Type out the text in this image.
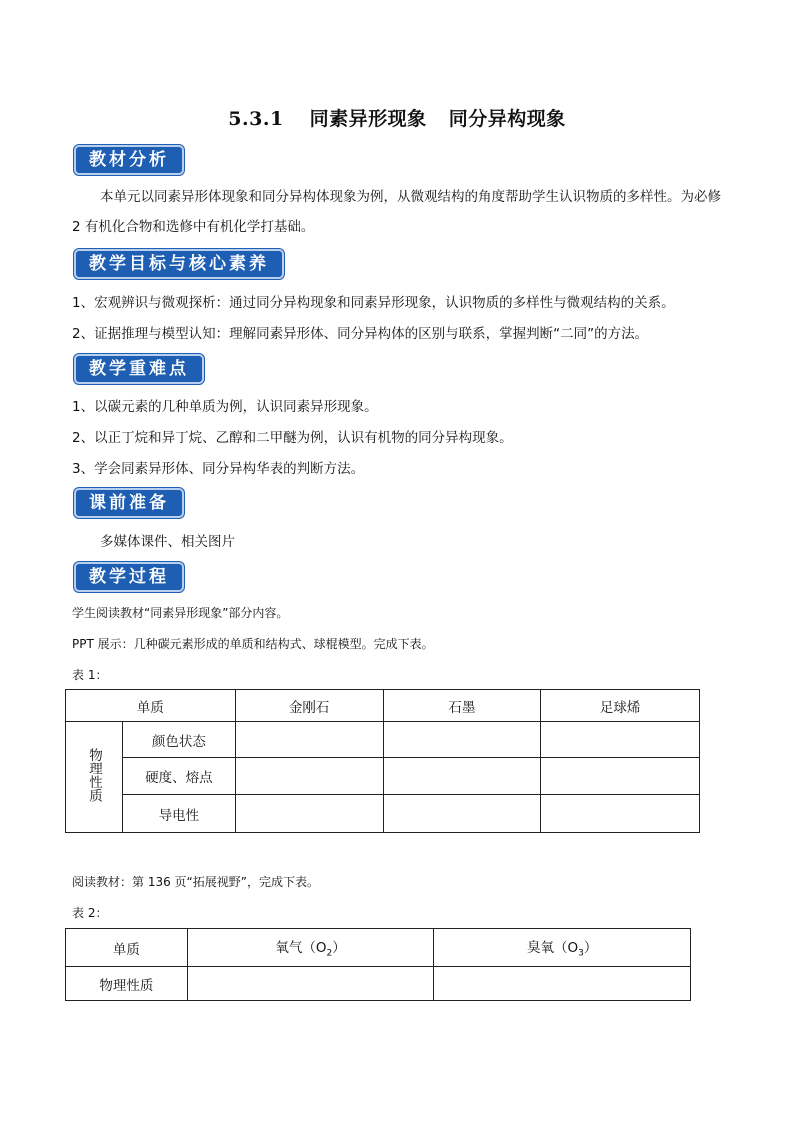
5.3.1 同素异形现象 同分异构现象
教材分析
本单元以同素异形体现象和同分异构体现象为例，从微观结构的角度帮助学生认识物质的多样性。为必修 2 有机化合物和选修中有机化学打基础。
教学目标与核心素养
1、宏观辨识与微观探析：通过同分异构现象和同素异形现象，认识物质的多样性与微观结构的关系。
2、证据推理与模型认知：理解同素异形体、同分异构体的区别与联系，掌握判断“二同”的方法。
教学重难点
1、以碳元素的几种单质为例，认识同素异形现象。
2、以正丁烷和异丁烷、乙醇和二甲醚为例，认识有机物的同分异构现象。
3、学会同素异形体、同分异构华表的判断方法。
课前准备
多媒体课件、相关图片
教学过程
学生阅读教材“同素异形现象”部分内容。
PPT 展示：几种碳元素形成的单质和结构式、球棍模型。完成下表。
表 1：
单质		金刚石	石墨	足球烯
物理性质	颜色状态			
	硬度、熔点			
	导电性			
阅读教材：第 136 页“拓展视野”，完成下表。
表 2：
单质	氧气$(O_2)$	臭氧$(O_3)$
物理性质		
